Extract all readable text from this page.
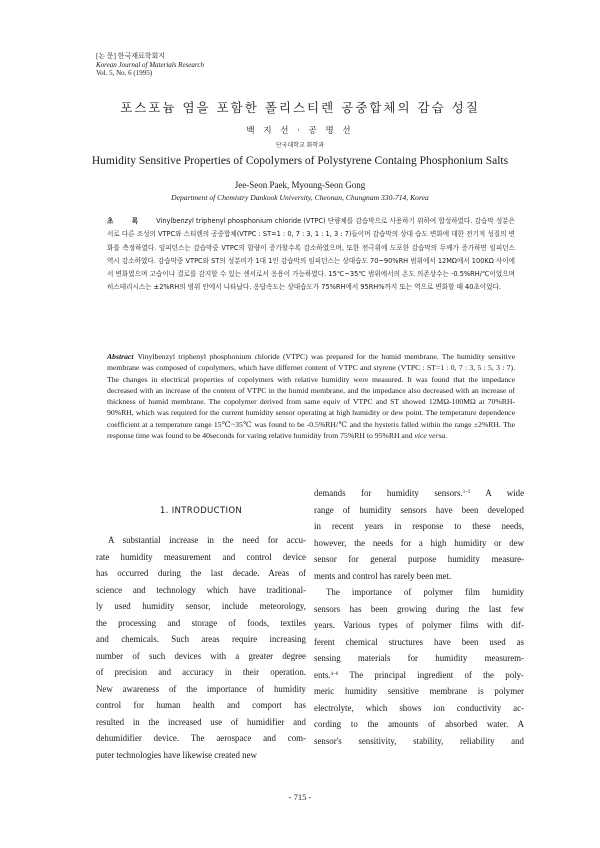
[논 문] 한국재료학회지
Korean Journal of Materials Research
Vol. 5, No. 6 (1995)
포스포늄 염을 포함한 폴리스티렌 공중합체의 감습 성질
백 지 선 · 공 명 선
단국대학교 화학과
Humidity Sensitive Properties of Copolymers of Polystyrene Containg Phosphonium Salts
Jee-Seon Paek, Myoung-Seon Gong
Department of Chemistry Dankook University, Cheonan, Chungnam 330-714, Korea
초 록 Vinylbenzyl triphenyl phosphonium chloride (VTPC) 단량체를 감습막으로 사용하기 위하여 합성하였다. 감습막 성분은 서로 다른 조성의 VTPC와 스티렌의 공중합체(VTPC : ST=1 : 0, 7 : 3, 1 : 1, 3 : 7)들이며 감습막의 상대 습도 변화에 대한 전기적 성질의 변화를 측정하였다. 임피던스는 감습막중 VTPC의 함량이 증가할수록 감소하였으며, 또한 전극위에 도포한 감습막의 두께가 증가하면 임피던스 역시 감소하였다. 감습막중 VTPC와 ST의 성분비가 1대 1인 감습막의 임피던스는 상대습도 70~90%RH 범위에서 12MΩ에서 100KΩ 사이에서 변화였으며 고습이나 결로를 감지할 수 있는 센서로서 응용이 가능하였다. 15℃~35℃ 범위에서의 온도 의존상수는 -0.5%RH/℃이었으며 히스테리시스는 ±2%RH의 범위 안에서 나타났다. 응답속도는 상대습도가 75%RH에서 95RH%까지 또는 역으로 변화할 때 40초이었다.
Abstract Vinylbenzyl triphenyl phosphonium chloride (VTPC) was prepared for the humid membrane. The humidity sensitive membrane was composed of copolymers, which have differnet content of VTPC and styrene (VTPC : ST=1 : 0, 7 : 3, 5 : 5, 3 : 7). The changes in electrical properties of copolymers with relative humidity were measured. It was found that the impedance decreased with an increase of the content of VTPC in the humid membrane, and the impedance also decreased with an increase of thickness of humid membrane. The copolymer derived from same equiv of VTPC and ST showed 12MΩ-100MΩ at 70%RH-90%RH, which was required for the current humidity sensor operating at high humidity or dew point. The temperature dependence coefficient at a temperature range 15℃~35℃ was found to be -0.5%RH/℃ and the hysteris falled within the range ±2%RH. The response time was found to be 40seconds for varing relative humidity from 75%RH to 95%RH and vice versa.
1. INTRODUCTION
A substantial increase in the need for accu-
rate humidity measurement and control device
has occurred during the last decade. Areas of
science and technology which have traditional-
ly used humidity sensor, include meteorology,
the processing and storage of foods, textiles
and chemicals. Such areas require increasing
number of such devices with a greater degree
of precision and accuracy in their operation.
New awareness of the importance of humidity
control for human health and comport has
resulted in the increased use of humidifier and
dehumidifier device. The aerospace and com-
puter technologies have likewise created new
demands for humidity sensors.$^{1\sim 3}$ A wide
range of humidity sensors have been developed
in recent years in response to these needs,
however, the needs for a high humidity or dew
sensor for general purpose humidity measure-
ments and control has rarely been met.
The importance of polymer film humidity
sensors has been growing during the last few
years. Various types of polymer films with dif-
ferent chemical structures have been used as
sensing materials for humidity measurem-
ents.$^{4\sim 6}$ The principal ingredient of the poly-
meric humidity sensitive membrane is polymer
electrolyte, which shows ion conductivity ac-
cording to the amounts of absorbed water. A
sensor's sensitivity, stability, reliability and
- 715 -
